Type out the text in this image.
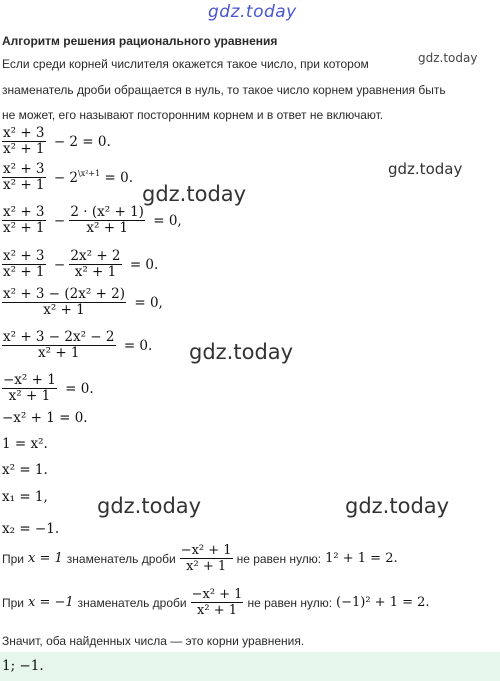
gdz.today
gdz.today
gdz.today
gdz.today
gdz.today
gdz.today	gdz.today
Алгоритм решения рационального уравнения
Если среди корней числителя окажется такое число, при котором
знаменатель дроби обращается в нуль, то такое число корнем уравнения быть
не может, его называют посторонним корнем и в ответ не включают.
$\frac{\text{x² + 3}}{\text{x² + 1}} - 2 = 0$.
$\frac{\text{x² + 3}}{\text{x² + 1}} - 2^{\backslash x^2+1} = 0$.
$\frac{\text{x² + 3}}{\text{x² + 1}} - \frac{\text{2 · (x² + 1)}}{\text{x² + 1}} = 0$,
$\frac{\text{x² + 3}}{\text{x² + 1}} - \frac{\text{2x² + 2}}{\text{x² + 1}} = 0$.
$\frac{\text{x² + 3 − (2x² + 2)}}{\text{x² + 1}} = 0$,
$\frac{\text{x² + 3 − 2x² − 2}}{\text{x² + 1}} = 0$.
$\frac{\text{−x² + 1}}{\text{x² + 1}} = 0$.
−x² + 1 = 0.
1 = x².
x² = 1.
x₁ = 1,
x₂ = −1.
При x = 1 знаменатель дроби $\frac{\text{−x² + 1}}{\text{x² + 1}}$ не равен нулю: 1² + 1 = 2.
При x = −1 знаменатель дроби $\frac{\text{−x² + 1}}{\text{x² + 1}}$ не равен нулю: (−1)² + 1 = 2.
Значит, оба найденных числа — это корни уравнения.
1; −1.
